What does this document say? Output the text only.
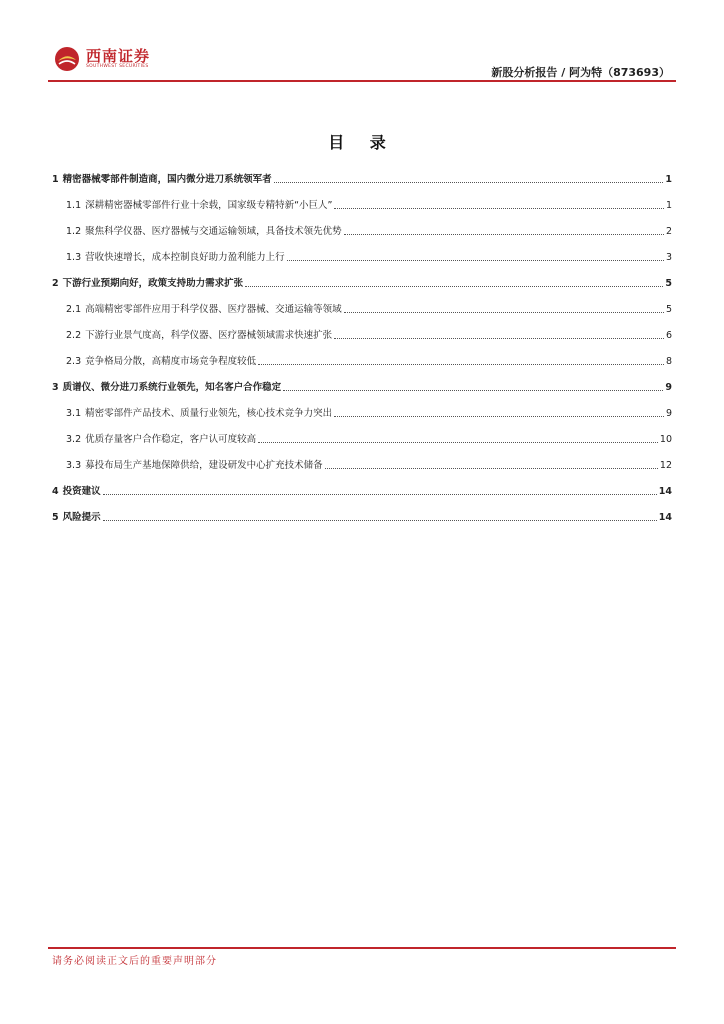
西南证券
SOUTHWEST SECURITIES	新股分析报告 / 阿为特（873693）
目 录
1 精密器械零部件制造商，国内微分进刀系统领军者	1
1.1 深耕精密器械零部件行业十余载，国家级专精特新“小巨人”	1
1.2 聚焦科学仪器、医疗器械与交通运输领域，具备技术领先优势	2
1.3 营收快速增长，成本控制良好助力盈利能力上行	3
2 下游行业预期向好，政策支持助力需求扩张	5
2.1 高端精密零部件应用于科学仪器、医疗器械、交通运输等领域	5
2.2 下游行业景气度高，科学仪器、医疗器械领域需求快速扩张	6
2.3 竞争格局分散，高精度市场竞争程度较低	8
3 质谱仪、微分进刀系统行业领先，知名客户合作稳定	9
3.1 精密零部件产品技术、质量行业领先，核心技术竞争力突出	9
3.2 优质存量客户合作稳定，客户认可度较高	10
3.3 募投布局生产基地保障供给，建设研发中心扩充技术储备	12
4 投资建议	14
5 风险提示	14
请务必阅读正文后的重要声明部分
